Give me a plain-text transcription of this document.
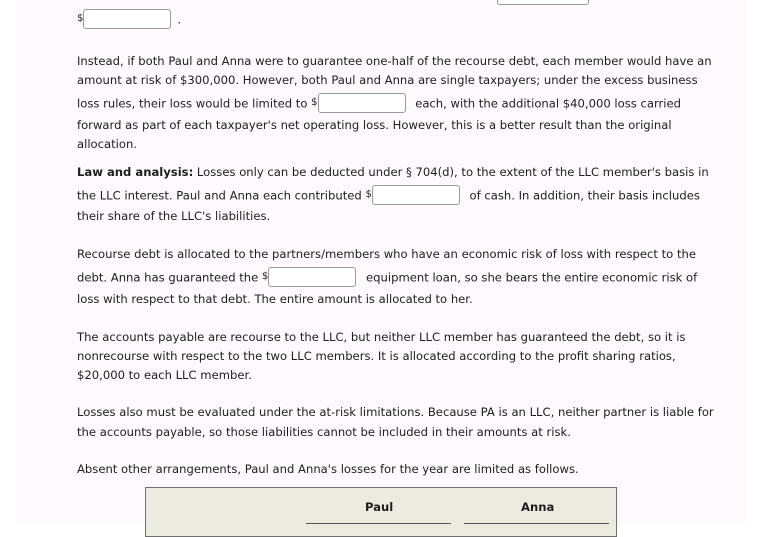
$	.
Instead, if both Paul and Anna were to guarantee one-half of the recourse debt, each member would have an
amount at risk of $300,000. However, both Paul and Anna are single taxpayers; under the excess business
loss rules, their loss would be limited to $	each, with the additional $40,000 loss carried
forward as part of each taxpayer's net operating loss. However, this is a better result than the original
allocation.
Law and analysis: Losses only can be deducted under § 704(d), to the extent of the LLC member's basis in
the LLC interest. Paul and Anna each contributed $	of cash. In addition, their basis includes
their share of the LLC's liabilities.
Recourse debt is allocated to the partners/members who have an economic risk of loss with respect to the
debt. Anna has guaranteed the $	equipment loan, so she bears the entire economic risk of
loss with respect to that debt. The entire amount is allocated to her.
The accounts payable are recourse to the LLC, but neither LLC member has guaranteed the debt, so it is
nonrecourse with respect to the two LLC members. It is allocated according to the profit sharing ratios,
$20,000 to each LLC member.
Losses also must be evaluated under the at-risk limitations. Because PA is an LLC, neither partner is liable for
the accounts payable, so those liabilities cannot be included in their amounts at risk.
Absent other arrangements, Paul and Anna's losses for the year are limited as follows.
Paul	Anna
